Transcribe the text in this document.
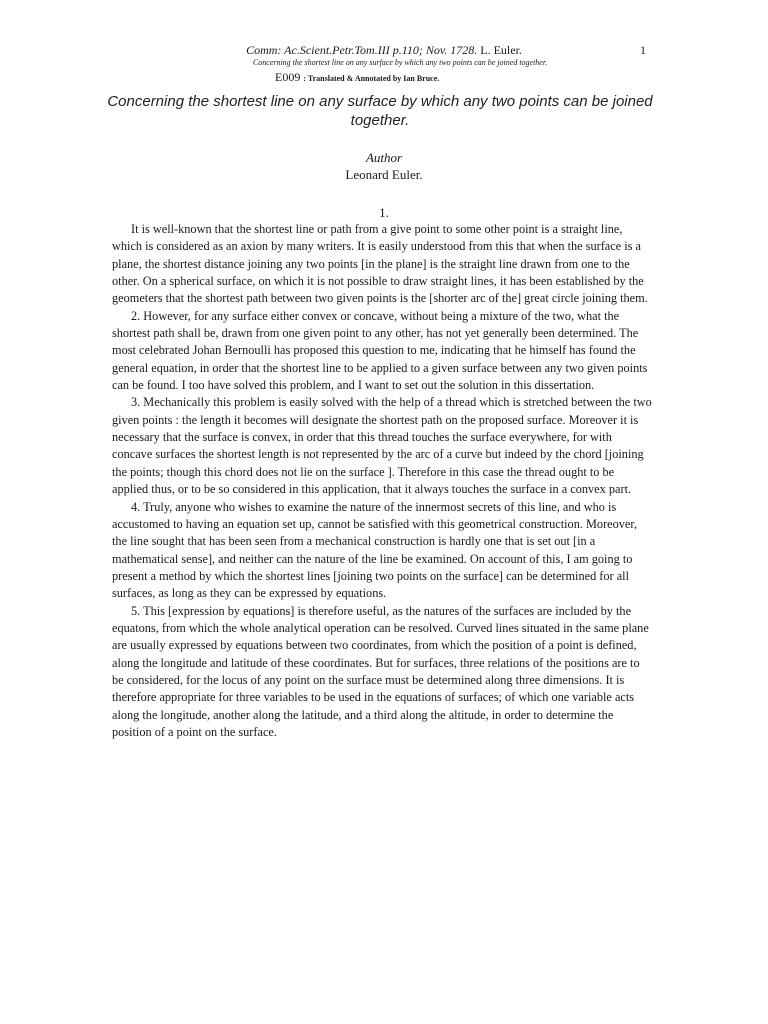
Comm: Ac.Scient.Petr.Tom.III p.110; Nov. 1728. L. Euler.	1
Concerning the shortest line on any surface by which any two points can be joined together.
E009 : Translated & Annotated by Ian Bruce.
Concerning the shortest line on any surface by which any two points can be joined together.
Author
Leonard Euler.
1.

It is well-known that the shortest line or path from a give point to some other point is a straight line, which is considered as an axion by many writers. It is easily understood from this that when the surface is a plane, the shortest distance joining any two points [in the plane] is the straight line drawn from one to the other. On a spherical surface, on which it is not possible to draw straight lines, it has been established by the geometers that the shortest path between two given points is the [shorter arc of the] great circle joining them.

2. However, for any surface either convex or concave, without being a mixture of the two, what the shortest path shall be, drawn from one given point to any other, has not yet generally been determined. The most celebrated Johan Bernoulli has proposed this question to me, indicating that he himself has found the general equation, in order that the shortest line to be applied to a given surface between any two given points can be found. I too have solved this problem, and I want to set out the solution in this dissertation.

3. Mechanically this problem is easily solved with the help of a thread which is stretched between the two given points : the length it becomes will designate the shortest path on the proposed surface. Moreover it is necessary that the surface is convex, in order that this thread touches the surface everywhere, for with concave surfaces the shortest length is not represented by the arc of a curve but indeed by the chord [joining the points; though this chord does not lie on the surface ]. Therefore in this case the thread ought to be applied thus, or to be so considered in this application, that it always touches the surface in a convex part.

4. Truly, anyone who wishes to examine the nature of the innermost secrets of this line, and who is accustomed to having an equation set up, cannot be satisfied with this geometrical construction. Moreover, the line sought that has been seen from a mechanical construction is hardly one that is set out [in a mathematical sense], and neither can the nature of the line be examined. On account of this, I am going to present a method by which the shortest lines [joining two points on the surface] can be determined for all surfaces, as long as they can be expressed by equations.

5. This [expression by equations] is therefore useful, as the natures of the surfaces are included by the equatons, from which the whole analytical operation can be resolved. Curved lines situated in the same plane are usually expressed by equations between two coordinates, from which the position of a point is defined, along the longitude and latitude of these coordinates. But for surfaces, three relations of the positions are to be considered, for the locus of any point on the surface must be determined along three dimensions. It is therefore appropriate for three variables to be used in the equations of surfaces; of which one variable acts along the longitude, another along the latitude, and a third along the altitude, in order to determine the position of a point on the surface.
